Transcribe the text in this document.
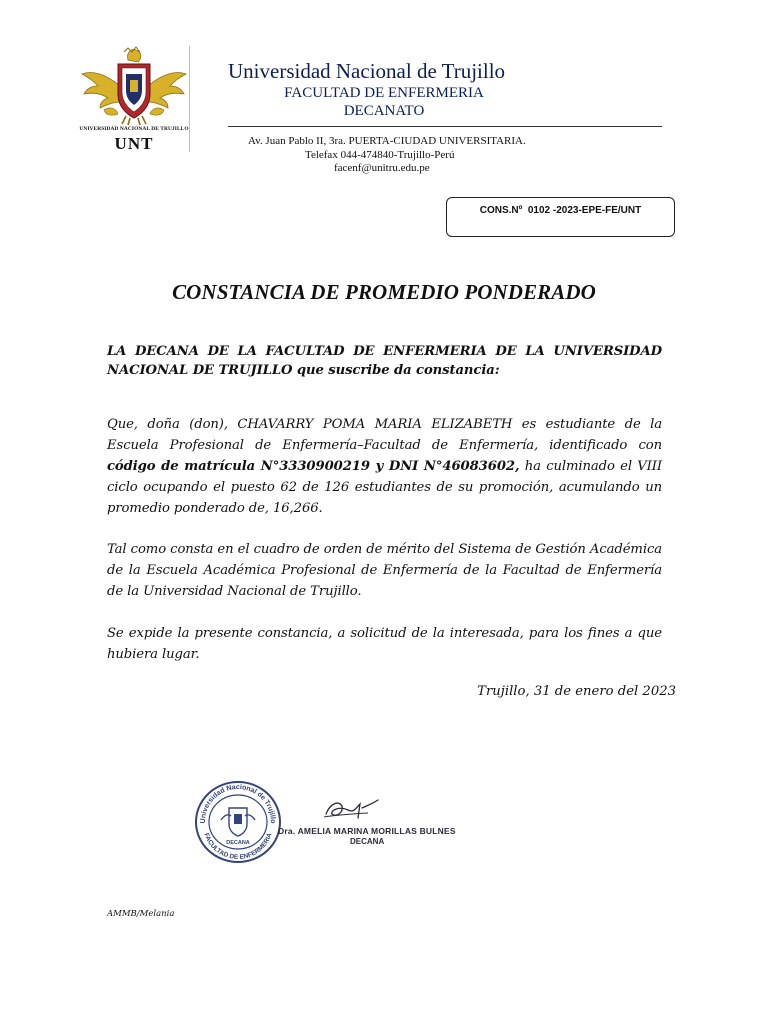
UNIVERSIDAD NACIONAL DE TRUJILLO
UNT
Universidad Nacional de Trujillo
FACULTAD DE ENFERMERIA
DECANATO
Av. Juan Pablo II, 3ra. PUERTA-CIUDAD UNIVERSITARIA.
Telefax 044-474840-Trujillo-Perú
facenf@unitru.edu.pe
CONS.Nº 0102 -2023-EPE-FE/UNT
CONSTANCIA DE PROMEDIO PONDERADO
LA DECANA DE LA FACULTAD DE ENFERMERIA DE LA UNIVERSIDAD NACIONAL DE TRUJILLO que suscribe da constancia:
Que, doña (don), CHAVARRY POMA MARIA ELIZABETH es estudiante de la Escuela Profesional de Enfermería–Facultad de Enfermería, identificado con código de matrícula N°3330900219 y DNI N°46083602, ha culminado el VIII ciclo ocupando el puesto 62 de 126 estudiantes de su promoción, acumulando un promedio ponderado de, 16,266.
Tal como consta en el cuadro de orden de mérito del Sistema de Gestión Académica de la Escuela Académica Profesional de Enfermería de la Facultad de Enfermería de la Universidad Nacional de Trujillo.
Se expide la presente constancia, a solicitud de la interesada, para los fines a que hubiera lugar.
Trujillo, 31 de enero del 2023
Universidad Nacional de Trujillo
FACULTAD DE ENFERMERIA
DECANA
Dra. AMELIA MARINA MORILLAS BULNES
DECANA
AMMB/Melania
